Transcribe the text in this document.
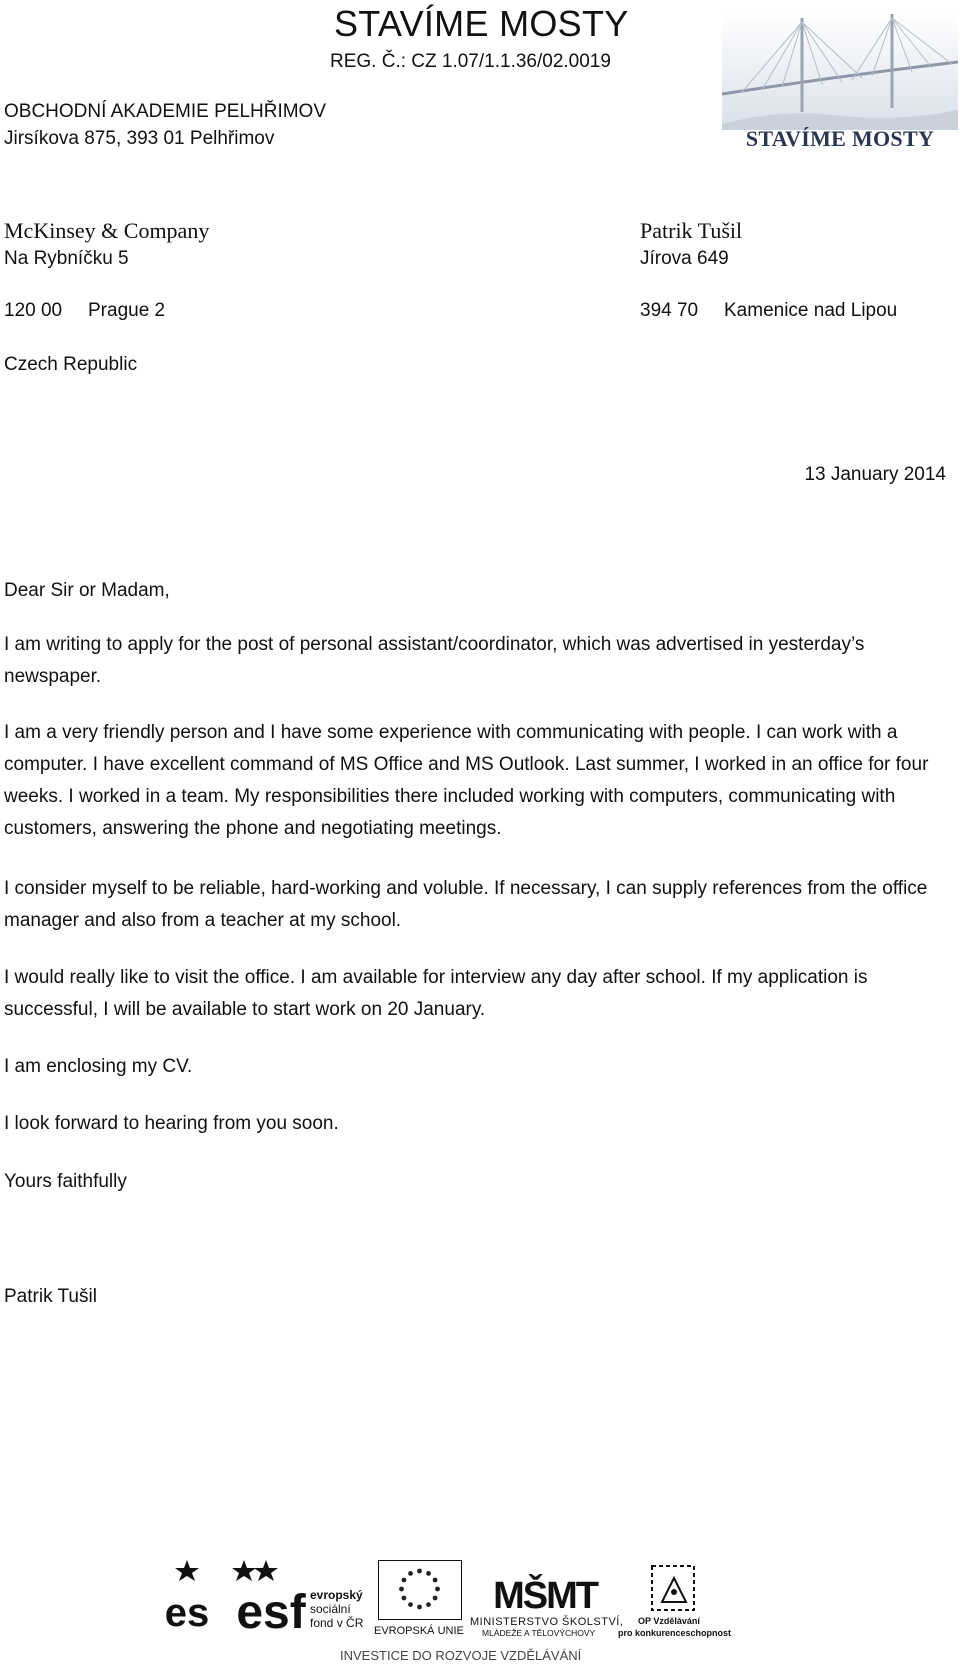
STAVÍME MOSTY
REG. Č.: CZ 1.07/1.1.36/02.0019
STAVÍME MOSTY
OBCHODNÍ AKADEMIE PELHŘIMOV
Jirsíkova 875, 393 01 Pelhřimov
McKinsey & Company
Na Rybníčku 5
120 00 Prague 2
Czech Republic
Patrik Tušil
Jírova 649
394 70 Kamenice nad Lipou
13 January 2014
Dear Sir or Madam,

I am writing to apply for the post of personal assistant/coordinator, which was advertised in yesterday’s newspaper.

I am a very friendly person and I have some experience with communicating with people. I can work with a computer. I have excellent command of MS Office and MS Outlook. Last summer, I worked in an office for four weeks. I worked in a team. My responsibilities there included working with computers, communicating with customers, answering the phone and negotiating meetings.

I consider myself to be reliable, hard-working and voluble. If necessary, I can supply references from the office manager and also from a teacher at my school.

I would really like to visit the office. I am available for interview any day after school. If my application is successful, I will be available to start work on 20 January.

I am enclosing my CV.

I look forward to hearing from you soon.

Yours faithfully
Patrik Tušil
es esf evropský
sociální
fond v ČR
EVROPSKÁ UNIE
MŠMT
MINISTERSTVO ŠKOLSTVÍ,
MLÁDEŽE A TĚLOVÝCHOVY
OP Vzdělávání
pro konkurenceschopnost
INVESTICE DO ROZVOJE VZDĚLÁVÁNÍ
